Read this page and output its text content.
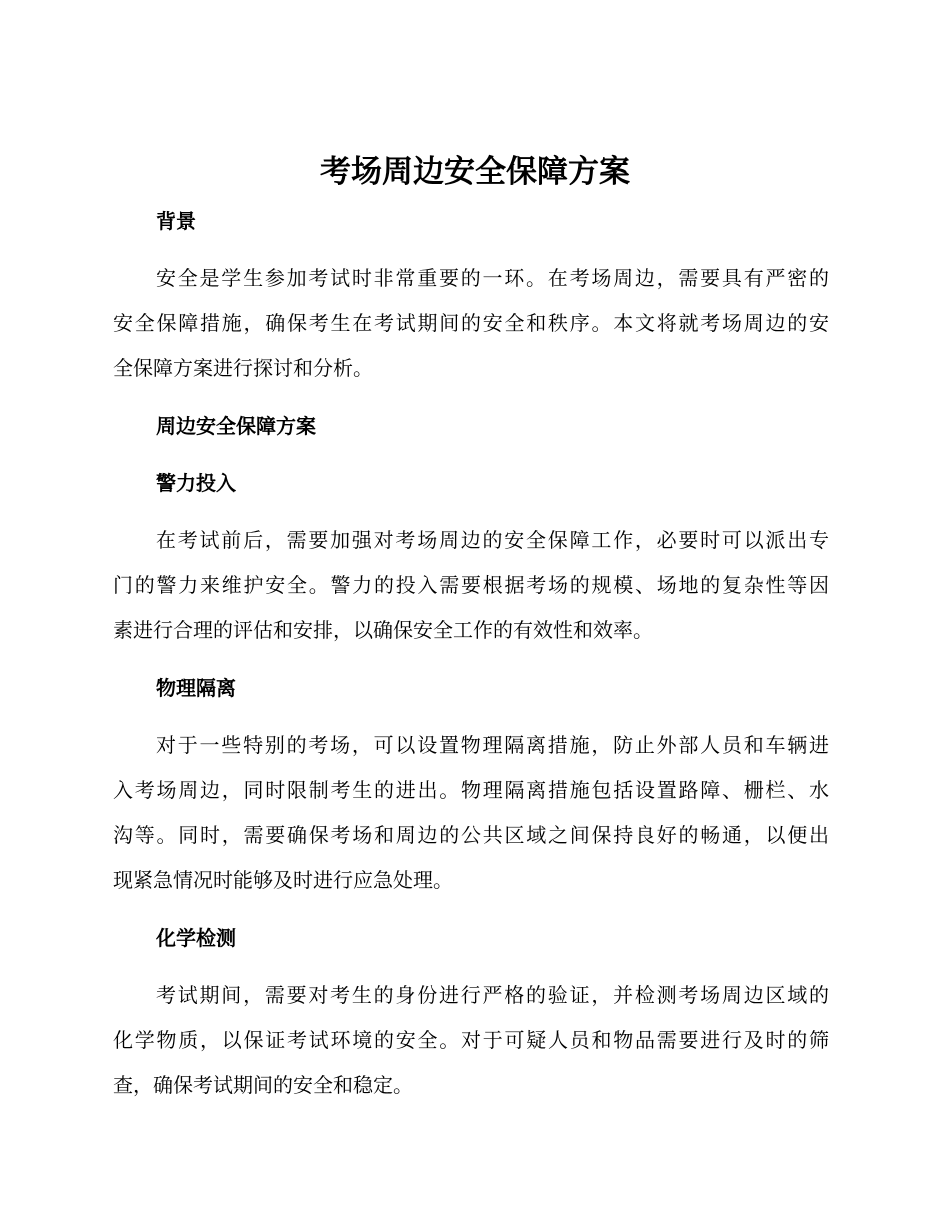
考场周边安全保障方案
背景
安全是学生参加考试时非常重要的一环。在考场周边，需要具有严密的
安全保障措施，确保考生在考试期间的安全和秩序。本文将就考场周边的安
全保障方案进行探讨和分析。
周边安全保障方案
警力投入
在考试前后，需要加强对考场周边的安全保障工作，必要时可以派出专
门的警力来维护安全。警力的投入需要根据考场的规模、场地的复杂性等因
素进行合理的评估和安排，以确保安全工作的有效性和效率。
物理隔离
对于一些特别的考场，可以设置物理隔离措施，防止外部人员和车辆进
入考场周边，同时限制考生的进出。物理隔离措施包括设置路障、栅栏、水
沟等。同时，需要确保考场和周边的公共区域之间保持良好的畅通，以便出
现紧急情况时能够及时进行应急处理。
化学检测
考试期间，需要对考生的身份进行严格的验证，并检测考场周边区域的
化学物质，以保证考试环境的安全。对于可疑人员和物品需要进行及时的筛
查，确保考试期间的安全和稳定。
